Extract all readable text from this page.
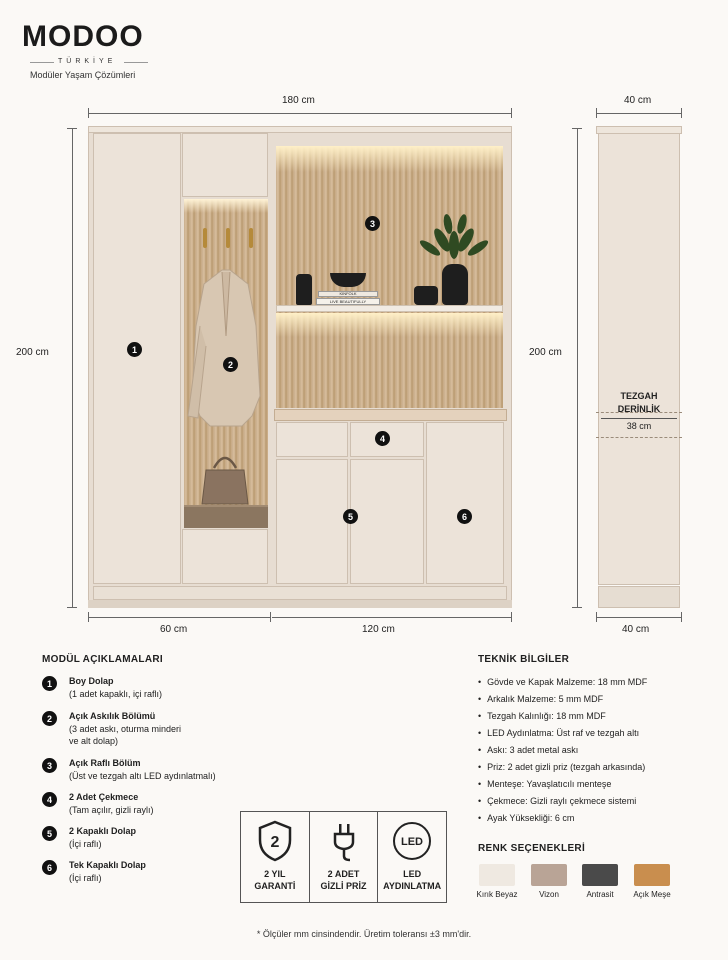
MODOO
TÜRKİYE
Modüler Yaşam Çözümleri
180 cm	40 cm
200 cm	200 cm
KINFOLK
LIVE BEAUTIFULLY
1
2
3
4
5	6
TEZGAH
DERİNLİK
38 cm
60 cm	120 cm	40 cm
MODÜL AÇIKLAMALARI
1	Boy Dolap
(1 adet kapaklı, içi raflı)
2	Açık Askılık Bölümü
(3 adet askı, oturma minderi
ve alt dolap)
3	Açık Raflı Bölüm
(Üst ve tezgah altı LED aydınlatmalı)
4	2 Adet Çekmece
(Tam açılır, gizli raylı)
5	2 Kapaklı Dolap
(İçi raflı)
6	Tek Kapaklı Dolap
(İçi raflı)
2
2 YIL
GARANTİ
2 ADET
GİZLİ PRİZ
LED
LED
AYDINLATMA
TEKNİK BİLGİLER
• Gövde ve Kapak Malzeme: 18 mm MDF
• Arkalık Malzeme: 5 mm MDF
• Tezgah Kalınlığı: 18 mm MDF
• LED Aydınlatma: Üst raf ve tezgah altı
• Askı: 3 adet metal askı
• Priz: 2 adet gizli priz (tezgah arkasında)
• Menteşe: Yavaşlatıcılı menteşe
• Çekmece: Gizli raylı çekmece sistemi
• Ayak Yüksekliği: 6 cm
RENK SEÇENEKLERİ
Kırık Beyaz	Vizon	Antrasit	Açık Meşe
* Ölçüler mm cinsindendir. Üretim toleransı ±3 mm'dir.
